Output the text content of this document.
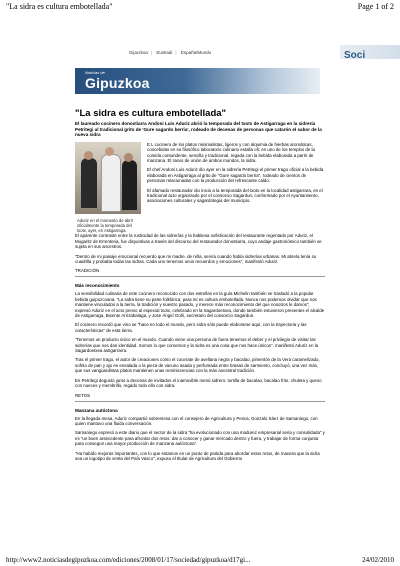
"La sidra es cultura embotellada"	Page 1 of 2
Gipuzkoa | Euskadi | España/Mundo	Soci
Noticias de
Gipuzkoa
"La sidra es cultura embotellada"
El laureado cocinero donostiarra Andoni Luis Aduriz abrió la temporada del txotx de Astigarraga en la sidrería Petritegi al tradicional grito de 'Gure sagardo berria', rodeado de decenas de personas que catarón el sabor de la nueva sidra
Aduriz en el momento de abrir oficialmente la temporada del txotx, ayer, en Astigarraga.

E L cocinero de los platos minimalistas, ligeros y con alquimia de hierbas aromáticas, concebidas en su filosófico laboratorio culinario estalla ofi; en uno de los templos de la comida contundente, sencilla y tradicional, regada con la bebida elaborada a partir de manzana. El rasvo de unión de ambos mundos, la sidra.

El chef Andoni Luis Aduriz dio ayer en la sidrería Petritegi el primer trago oficial a la bebida elaborada en Astigarraga al grito de "Gure sagardo berria", rodeado de cientos de personas relacionadas con la producción del refrescante caldo.

El afamado restaurador dio inicio a la temporada del txotx en la localidad astigarrara, en el tradicional acto organizado por el consorcio Sagardun, conformado por el Ayuntamiento, asociaciones culturales y sagardotegia del municipio.

El aparente contraste entre la rusticidad de las sidrerías y la habitesa sofisticación del restaurante regentado por Aduriz, el Mugaritz de Errenteria, fue disyuntivas a través del discurso del restaurador donostiarra, cuyo andaje gastronómico también se sujeta en sus ancestros.

"Dentro de mi paisaje emocional recuerdo que mi madre, de niña, servía cuando había sidrerías urbanas. Mi abrela tenía su cuadrilla y probaba todas las sidras. Cada uno tenemos unos recuerdos y emociones", manifestó Aduriz.

TRADICIÓN
Más reconocimiento

La sensibilidad culinaria de este cocinero reconocido con dos estrellas en la guía Michelin también se trasladó a la popular bebida guipuzcoana. "La sidra tiene su parte folklórica; para mí es cultura embotellada. Nunca nos podemos olvidar que nos mantiene vinculados a la tierra, la tradición y nuestro pasado, y merece más reconocimiento del que nosotros le damos", expresó Aduriz en el acto previo al especial txotx, celebrado en la Sagardoetxea, donde también estuvieron presentes el alcalde de Astigarraga, Bixente Arrizabalaga, y Jose Ángel Goñi, secretario del consorcio Sagardun.

El cocinero recordó que vino se "hace en todo el mundo, pero sidra sólo puede elaborarse aquí, con la trayectoria y las características" de esta tierra.

"Tenemos un producto único en el mundo. Cuando viene una persona de fuera tenemos el deber y el privilegio de visitar las sidrerías que nos dan identidad. Somos lo que comemos y la sidra es una cosa que nos hace únicos", manifestó Aduriz en la Sagardoetxea astigarrarra.

Tras el primer trago, el autor de creaciones como el cocerate de avellana negra y bacalao, pimentón de la Vera caramelizado, sofrito de pan y ajo en ensalada o la pieza de vacuno asada y perfumada entre brasas de sarmiento, concluyó, una vez más, que sus vanguardistas platos mantienen unas reminiscencias con la más ancestral tradición.

En Petritegi degustó junto a decenas de invitados el inamovible menú sidrero: tortilla de bacalao, bacalao frito, chuleta y queso con nueces y membrillo, regado todo ello con sidra.

RETOS
Manzana autóctona

En la llegada mesa, Aduriz compartió sobremesa con el consejero de Agricultura y Pesca, Gonzalo Sáez de Samaniego, con quien mantuvo una fluida conversación.

Samaniego expresó a este diario que el sector de la sidra "ha evolucionado con una madurez empresarial seria y consolidada" y es "un buen antecedente para afrontar dos retos: dar a conocer y ganar mercado dentro y fuera, y trabajar de forma conjunta para conseguir una mayor producción de manzana autóctona".

"Ha habido mejoras importantes, con lo que estamos en un punto de partida para abordar estos retos, de manera que la sidra sea un logotipo de venta del País Vasco", expuso el titular de Agricultura del Gobierno

http://www2.noticiasdegipuzkoa.com/ediciones/2008/01/17/sociedad/gipuzkoa/d17gi...	24/02/2010
